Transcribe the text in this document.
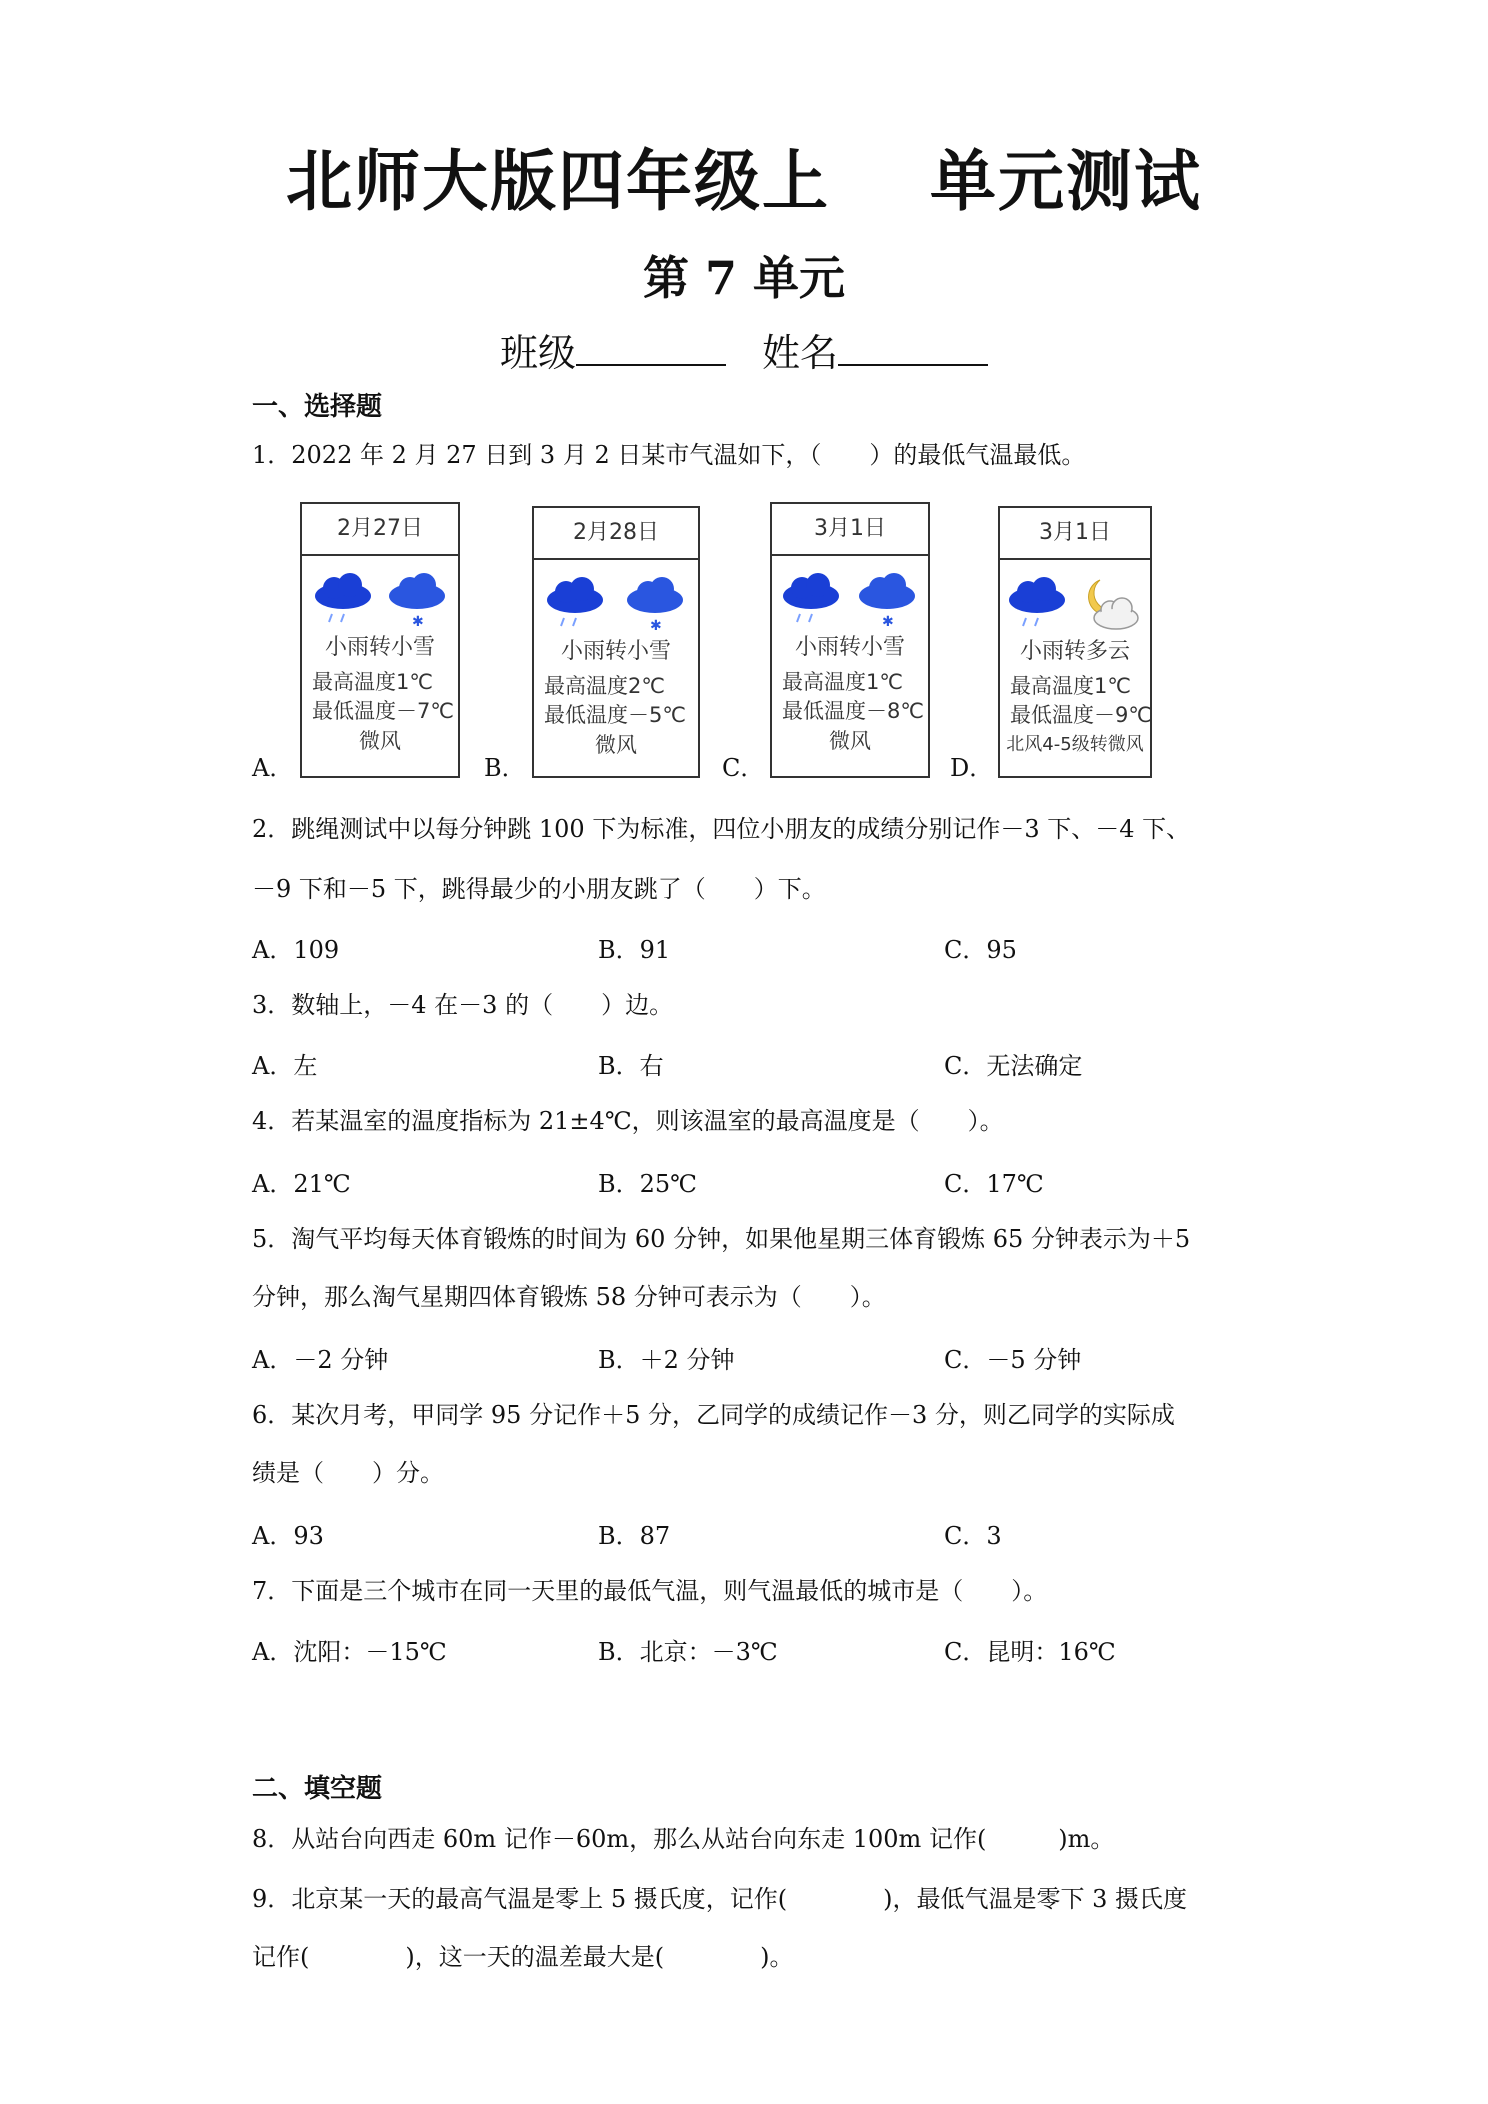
北师大版四年级上 单元测试
第 7 单元
班级	姓名
一、选择题
1．2022 年 2 月 27 日到 3 月 2 日某市气温如下，（　　）的最低气温最低。
A．
2月27日
✱
小雨转小雪
最高温度1℃
最低温度－7℃
微风
B．
2月28日
✱
小雨转小雪
最高温度2℃
最低温度－5℃
微风
C．
3月1日
✱
小雨转小雪
最高温度1℃
最低温度－8℃
微风
D．
3月1日
小雨转多云
最高温度1℃
最低温度－9℃
北风4-5级转微风
2．跳绳测试中以每分钟跳 100 下为标准，四位小朋友的成绩分别记作－3 下、－4 下、
－9 下和－5 下，跳得最少的小朋友跳了（　　）下。
A．109	B．91	C．95
3．数轴上，－4 在－3 的（　　）边。
A．左	B．右	C．无法确定
4．若某温室的温度指标为 21±4℃，则该温室的最高温度是（　　）。
A．21℃	B．25℃	C．17℃
5．淘气平均每天体育锻炼的时间为 60 分钟，如果他星期三体育锻炼 65 分钟表示为＋5
分钟，那么淘气星期四体育锻炼 58 分钟可表示为（　　）。
A．－2 分钟	B．＋2 分钟	C．－5 分钟
6．某次月考，甲同学 95 分记作＋5 分，乙同学的成绩记作－3 分，则乙同学的实际成
绩是（　　）分。
A．93	B．87	C．3
7．下面是三个城市在同一天里的最低气温，则气温最低的城市是（　　）。
A．沈阳：－15℃	B．北京：－3℃	C．昆明：16℃
二、填空题
8．从站台向西走 60m 记作－60m，那么从站台向东走 100m 记作(　　　)m。
9．北京某一天的最高气温是零上 5 摄氏度，记作(　　　　)，最低气温是零下 3 摄氏度
记作(　　　　)，这一天的温差最大是(　　　　)。
